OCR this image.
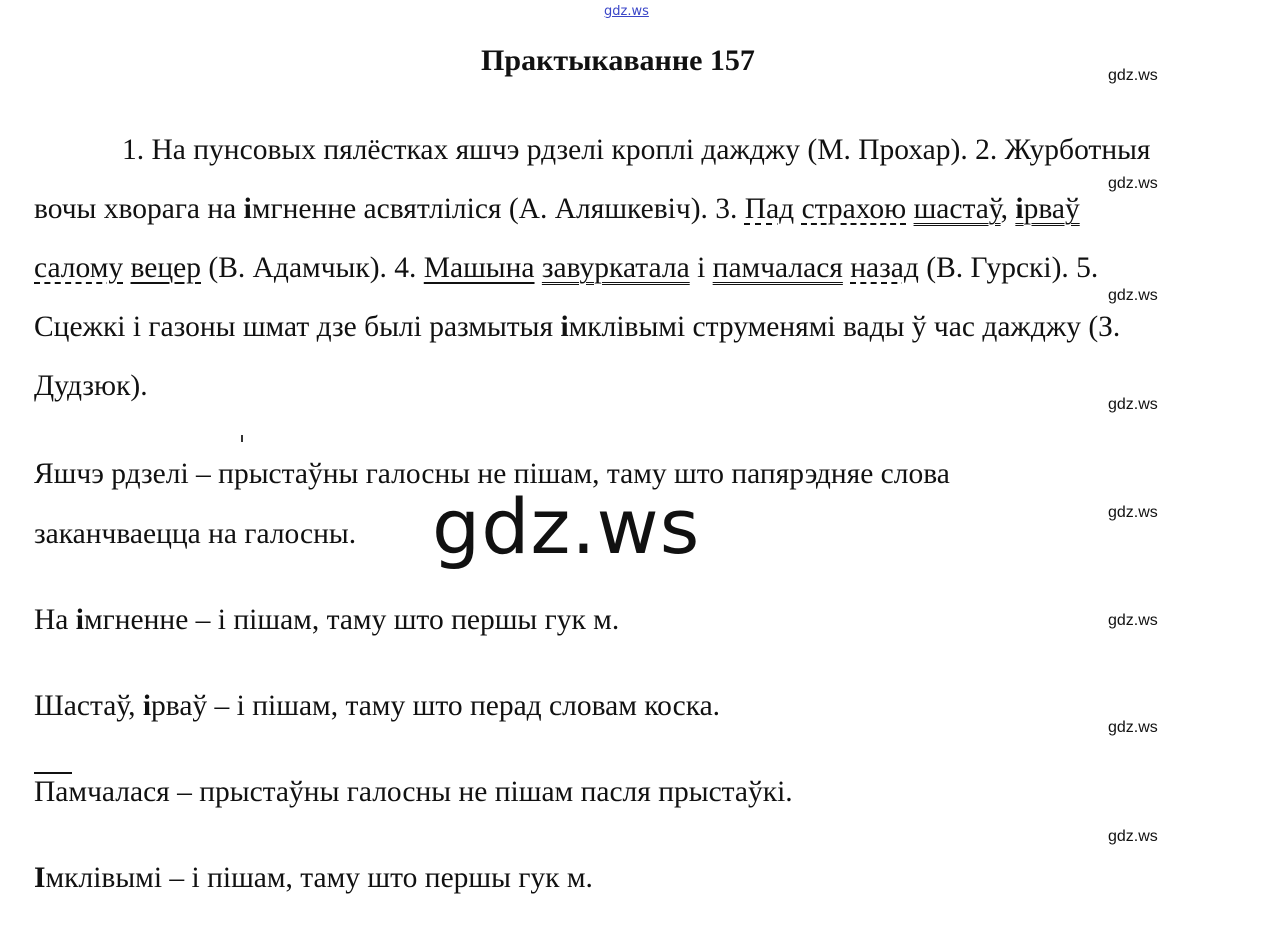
gdz.ws
Практыкаванне 157

1. На пунсовых пялёстках яшчэ рдзелі кроплі дажджу (М. Прохар). 2. Журботныя вочы хворага на імгненне асвятліліся (А. Аляшкевіч). 3. Пад страхою шастаў, ірваў салому вецер (В. Адамчык). 4. Машына завуркатала і памчалася назад (В. Гурскі). 5. Сцежкі і газоны шмат дзе былі размытыя імклівымі струменямі вады ў час дажджу (З. Дудзюк).

Яшчэ рдзелі – прыстаўны галосны не пішам, таму што папярэдняе слова
заканчваецца на галосны.
На імгненне – і пішам, таму што першы гук м.
Шастаў, ірваў – і пішам, таму што перад словам коска.
Памчалася – прыстаўны галосны не пішам пасля прыстаўкі.
Імклівымі – і пішам, таму што першы гук м.
gdz.ws
gdz.ws
gdz.ws
gdz.ws
gdz.ws
gdz.ws
gdz.ws
gdz.ws
gdz.ws
